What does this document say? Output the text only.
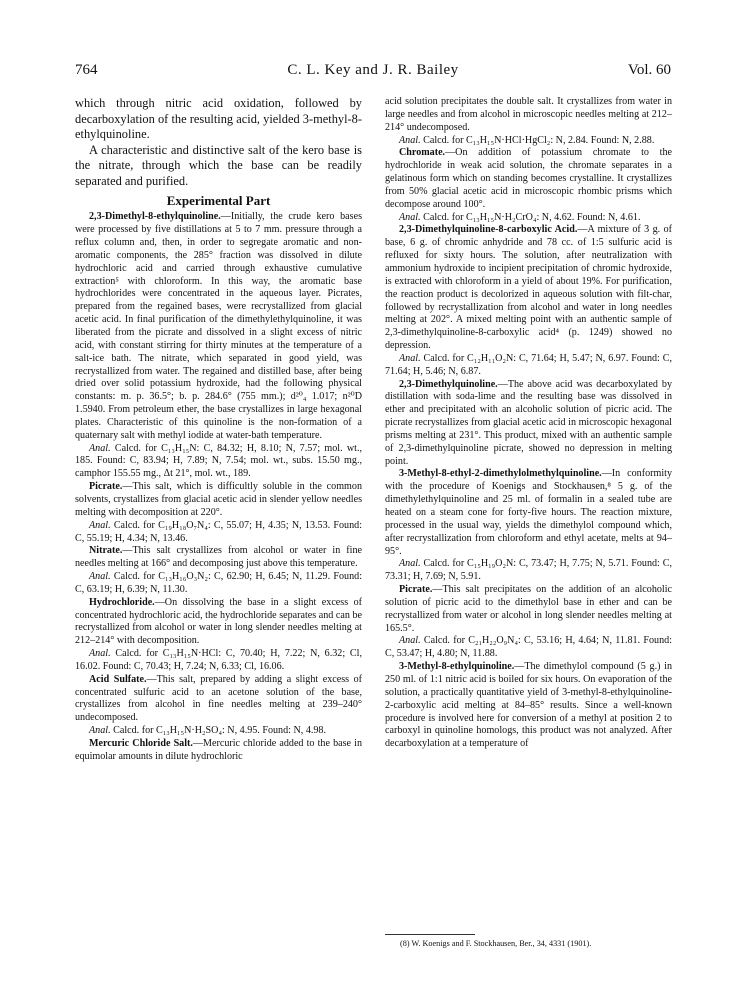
764	C. L. Key and J. R. Bailey	Vol. 60

which through nitric acid oxidation, followed by decarboxylation of the resulting acid, yielded 3-methyl-8-ethylquinoline.

A characteristic and distinctive salt of the kero base is the nitrate, through which the base can be readily separated and purified.

Experimental Part

2,3-Dimethyl-8-ethylquinoline.—Initially, the crude kero bases were processed by five distillations at 5 to 7 mm. pressure through a reflux column and, then, in order to segregate aromatic and non-aromatic components, the 285° fraction was dissolved in dilute hydrochloric acid and carried through exhaustive cumulative extraction⁵ with chloroform. In this way, the aromatic base hydrochlorides were concentrated in the aqueous layer. Picrates, prepared from the regained bases, were recrystallized from glacial acetic acid. In final purification of the dimethylethylquinoline, it was liberated from the picrate and dissolved in a slight excess of nitric acid, with constant stirring for thirty minutes at the temperature of a salt-ice bath. The nitrate, which separated in good yield, was recrystallized from water. The regained and distilled base, after being dried over solid potassium hydroxide, had the following physical constants: m. p. 36.5°; b. p. 284.6° (755 mm.); d²⁰₄ 1.017; n²⁰D 1.5940. From petroleum ether, the base crystallizes in large hexagonal plates. Characteristic of this quinoline is the non-formation of a quaternary salt with methyl iodide at water-bath temperature.

Anal. Calcd. for C₁₃H₁₅N: C, 84.32; H, 8.10; N, 7.57; mol. wt., 185. Found: C, 83.94; H, 7.89; N, 7.54; mol. wt., subs. 15.50 mg., camphor 155.55 mg., Δt 21°, mol. wt., 189.

Picrate.—This salt, which is difficultly soluble in the common solvents, crystallizes from glacial acetic acid in slender yellow needles melting with decomposition at 220°.

Anal. Calcd. for C₁₉H₁₈O₇N₄: C, 55.07; H, 4.35; N, 13.53. Found: C, 55.19; H, 4.34; N, 13.46.

Nitrate.—This salt crystallizes from alcohol or water in fine needles melting at 166° and decomposing just above this temperature.

Anal. Calcd. for C₁₃H₁₆O₃N₂: C, 62.90; H, 6.45; N, 11.29. Found: C, 63.19; H, 6.39; N, 11.30.

Hydrochloride.—On dissolving the base in a slight excess of concentrated hydrochloric acid, the hydrochloride separates and can be recrystallized from alcohol or water in long slender needles melting at 212–214° with decomposition.

Anal. Calcd. for C₁₃H₁₅N·HCl: C, 70.40; H, 7.22; N, 6.32; Cl, 16.02. Found: C, 70.43; H, 7.24; N, 6.33; Cl, 16.06.

Acid Sulfate.—This salt, prepared by adding a slight excess of concentrated sulfuric acid to an acetone solution of the base, crystallizes from alcohol in fine needles melting at 239–240° undecomposed.

Anal. Calcd. for C₁₃H₁₅N·H₂SO₄: N, 4.95. Found: N, 4.98.

Mercuric Chloride Salt.—Mercuric chloride added to the base in equimolar amounts in dilute hydrochloric

acid solution precipitates the double salt. It crystallizes from water in large needles and from alcohol in microscopic needles melting at 212–214° undecomposed.

Anal. Calcd. for C₁₃H₁₅N·HCl·HgCl₂: N, 2.84. Found: N, 2.88.

Chromate.—On addition of potassium chromate to the hydrochloride in weak acid solution, the chromate separates in a gelatinous form which on standing becomes crystalline. It crystallizes from 50% glacial acetic acid in microscopic rhombic prisms which decompose around 100°.

Anal. Calcd. for C₁₃H₁₅N·H₂CrO₄: N, 4.62. Found: N, 4.61.

2,3-Dimethylquinoline-8-carboxylic Acid.—A mixture of 3 g. of base, 6 g. of chromic anhydride and 78 cc. of 1:5 sulfuric acid is refluxed for sixty hours. The solution, after neutralization with ammonium hydroxide to incipient precipitation of chromic hydroxide, is extracted with chloroform in a yield of about 19%. For purification, the reaction product is decolorized in aqueous solution with filt-char, followed by recrystallization from alcohol and water in long needles melting at 202°. A mixed melting point with an authentic sample of 2,3-dimethylquinoline-8-carboxylic acid⁴ (p. 1249) showed no depression.

Anal. Calcd. for C₁₂H₁₁O₂N: C, 71.64; H, 5.47; N, 6.97. Found: C, 71.64; H, 5.46; N, 6.87.

2,3-Dimethylquinoline.—The above acid was decarboxylated by distillation with soda-lime and the resulting base was dissolved in ether and precipitated with an alcoholic solution of picric acid. The picrate recrystallizes from glacial acetic acid in microscopic hexagonal prisms melting at 231°. This product, mixed with an authentic sample of 2,3-dimethylquinoline picrate, showed no depression in melting point.

3-Methyl-8-ethyl-2-dimethylolmethylquinoline.—In conformity with the procedure of Koenigs and Stockhausen,⁸ 5 g. of the dimethylethylquinoline and 25 ml. of formalin in a sealed tube are heated on a steam cone for forty-five hours. The reaction mixture, processed in the usual way, yields the dimethylol compound which, after recrystallization from chloroform and ethyl acetate, melts at 94–95°.

Anal. Calcd. for C₁₅H₁₉O₂N: C, 73.47; H, 7.75; N, 5.71. Found: C, 73.31; H, 7.69; N, 5.91.

Picrate.—This salt precipitates on the addition of an alcoholic solution of picric acid to the dimethylol base in ether and can be recrystallized from water or alcohol in long slender needles melting at 165.5°.

Anal. Calcd. for C₂₁H₂₂O₉N₄: C, 53.16; H, 4.64; N, 11.81. Found: C, 53.47; H, 4.80; N, 11.88.

3-Methyl-8-ethylquinoline.—The dimethylol compound (5 g.) in 250 ml. of 1:1 nitric acid is boiled for six hours. On evaporation of the solution, a practically quantitative yield of 3-methyl-8-ethylquinoline-2-carboxylic acid melting at 84–85° results. Since a well-known procedure is involved here for conversion of a methyl at position 2 to carboxyl in quinoline homologs, this product was not analyzed. After decarboxylation at a temperature of

(8) W. Koenigs and F. Stockhausen, Ber., 34, 4331 (1901).
